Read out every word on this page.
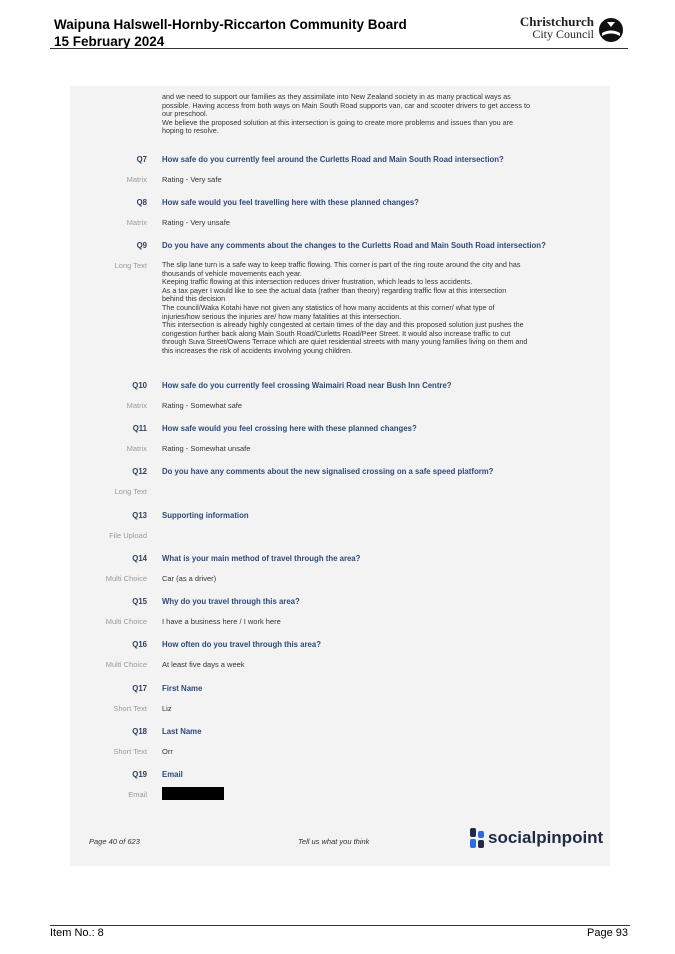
Waipuna Halswell-Hornby-Riccarton Community Board
15 February 2024
Christchurch
City Council
and we need to support our families as they assimilate into New Zealand society in as many practical ways as
possible. Having access from both ways on Main South Road supports van, car and scooter drivers to get access to
our preschool.
We believe the proposed solution at this intersection is going to create more problems and issues than you are
hoping to resolve.
Q7 How safe do you currently feel around the Curletts Road and Main South Road intersection?
Matrix Rating - Very safe
Q8 How safe would you feel travelling here with these planned changes?
Matrix Rating - Very unsafe
Q9 Do you have any comments about the changes to the Curletts Road and Main South Road intersection?
Long Text The slip lane turn is a safe way to keep traffic flowing. This corner is part of the ring route around the city and has
thousands of vehicle movements each year.
Keeping traffic flowing at this intersection reduces driver frustration, which leads to less accidents.
As a tax payer I would like to see the actual data (rather than theory) regarding traffic flow at this intersection
behind this decision
The council/Waka Kotahi have not given any statistics of how many accidents at this corner/ what type of
injuries/how serious the injuries are/ how many fatalities at this intersection.
This intersection is already highly congested at certain times of the day and this proposed solution just pushes the
congestion further back along Main South Road/Curletts Road/Peer Street. It would also increase traffic to cut
through Suva Street/Owens Terrace which are quiet residential streets with many young families living on them and
this increases the risk of accidents involving young children.
Q10 How safe do you currently feel crossing Waimairi Road near Bush Inn Centre?
Matrix Rating - Somewhat safe
Q11 How safe would you feel crossing here with these planned changes?
Matrix Rating - Somewhat unsafe
Q12 Do you have any comments about the new signalised crossing on a safe speed platform?
Long Text
Q13 Supporting information
File Upload
Q14 What is your main method of travel through the area?
Multi Choice Car (as a driver)
Q15 Why do you travel through this area?
Multi Choice I have a business here / I work here
Q16 How often do you travel through this area?
Multi Choice At least five days a week
Q17 First Name
Short Text Liz
Q18 Last Name
Short Text Orr
Q19 Email
Email
Page 40 of 623	Tell us what you think	socialpinpoint
Item No.: 8	Page 93
